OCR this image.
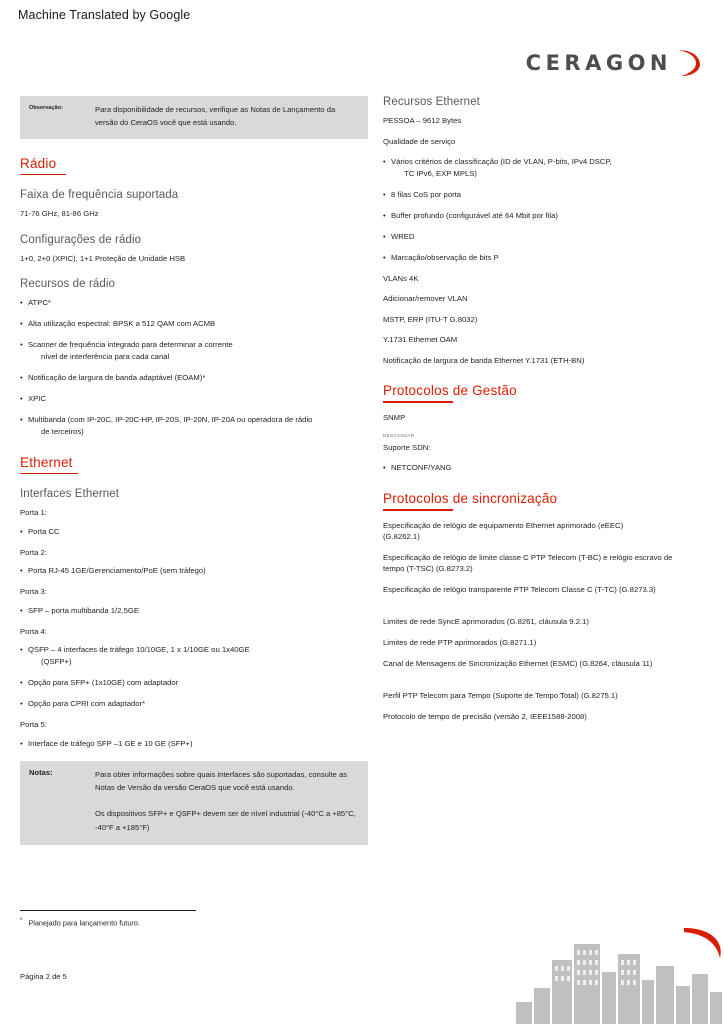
Machine Translated by Google
CERAGON
Observação:	Para disponibilidade de recursos, verifique as Notas de Lançamento da versão do CeraOS você que está usando.
Rádio
Faixa de frequência suportada

71-76 GHz, 81-86 GHz

Configurações de rádio

1+0, 2+0 (XPIC), 1+1 Proteção de Unidade HSB

Recursos de rádio
• ATPC*
• Alta utilização espectral: BPSK a 512 QAM com ACMB
• Scanner de frequência integrado para determinar a corrente
nível de interferência para cada canal
• Notificação de largura de banda adaptável (EOAM)*
• XPIC
• Multibanda (com IP-20C, IP-20C-HP, IP-20S, IP-20N, IP-20A ou operadora de rádio
de terceiros)
Ethernet
Interfaces Ethernet

Porta 1:

• Porta CC

Porta 2:

• Porta RJ-45 1GE/Gerenciamento/PoE (sem tráfego)

Porta 3:

• SFP – porta multibanda 1/2,5GE

Porta 4:

• QSFP – 4 interfaces de tráfego 10/10GE, 1 x 1/10GE ou 1x40GE
(QSFP+)
• Opção para SFP+ (1x10GE) com adaptador
• Opção para CPRI com adaptador*

Porta 5:

• Interface de tráfego SFP –1 GE e 10 GE (SFP+)
Notas:	Para obter informações sobre quais interfaces são suportadas, consulte as Notas de Versão da versão CeraOS que você está usando.

Os dispositivos SFP+ e QSFP+ devem ser de nível industrial (-40°C a +85°C, -40°F a +185°F)

Recursos Ethernet

PESSOA – 9612 Bytes

Qualidade de serviço

• Vários critérios de classificação (ID de VLAN, P-bits, IPv4 DSCP,
TC IPv6, EXP MPLS)
• 8 filas CoS por porta
• Buffer profundo (configurável até 64 Mbit por fila)
• WRED
• Marcação/observação de bits P

VLANs 4K

Adicionar/remover VLAN

MSTP, ERP (ITU-T G.8032)

Y.1731 Ethernet OAM

Notificação de largura de banda Ethernet Y.1731 (ETH-BN)

Protocolos de Gestão

SNMP

DESCANSAR

Suporte SDN:

• NETCONF/YANG
Protocolos de sincronização

Especificação de relógio de equipamento Ethernet aprimorado (eEEC)
(G.8262.1)

Especificação de relógio de limite classe C PTP Telecom (T-BC) e relógio escravo de
tempo (T-TSC) (G.8273.2)

Especificação de relógio transparente PTP Telecom Classe C (T-TC) (G.8273.3)

Limites de rede SyncE aprimorados (G.8261, cláusula 9.2.1)

Limites de rede PTP aprimorados (G.8271.1)

Canal de Mensagens de Sincronização Ethernet (ESMC) (G.8264, cláusula 11)

Perfil PTP Telecom para Tempo (Suporte de Tempo Total) (G.8275.1)

Protocolo de tempo de precisão (versão 2, IEEE1588-2008)

* Planejado para lançamento futuro.
Página 2 de 5
